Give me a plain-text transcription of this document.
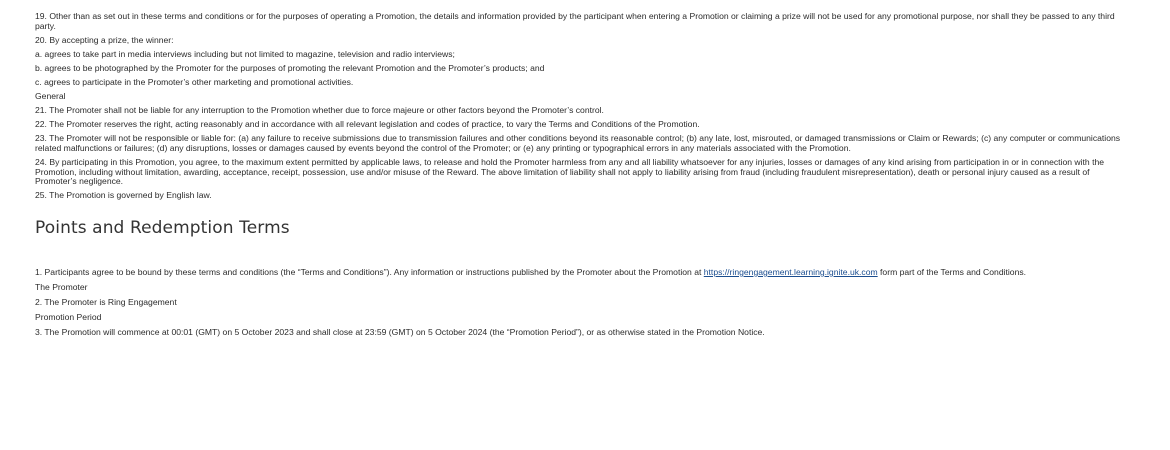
19. Other than as set out in these terms and conditions or for the purposes of operating a Promotion, the details and information provided by the participant when entering a Promotion or claiming a prize will not be used for any promotional purpose, nor shall they be passed to any third party.

20. By accepting a prize, the winner:

a. agrees to take part in media interviews including but not limited to magazine, television and radio interviews;

b. agrees to be photographed by the Promoter for the purposes of promoting the relevant Promotion and the Promoter’s products; and

c. agrees to participate in the Promoter’s other marketing and promotional activities.

General

21. The Promoter shall not be liable for any interruption to the Promotion whether due to force majeure or other factors beyond the Promoter’s control.

22. The Promoter reserves the right, acting reasonably and in accordance with all relevant legislation and codes of practice, to vary the Terms and Conditions of the Promotion.

23. The Promoter will not be responsible or liable for: (a) any failure to receive submissions due to transmission failures and other conditions beyond its reasonable control; (b) any late, lost, misrouted, or damaged transmissions or Claim or Rewards; (c) any computer or communications related malfunctions or failures; (d) any disruptions, losses or damages caused by events beyond the control of the Promoter; or (e) any printing or typographical errors in any materials associated with the Promotion.

24. By participating in this Promotion, you agree, to the maximum extent permitted by applicable laws, to release and hold the Promoter harmless from any and all liability whatsoever for any injuries, losses or damages of any kind arising from participation in or in connection with the Promotion, including without limitation, awarding, acceptance, receipt, possession, use and/or misuse of the Reward. The above limitation of liability shall not apply to liability arising from fraud (including fraudulent misrepresentation), death or personal injury caused as a result of Promoter’s negligence.

25. The Promotion is governed by English law.

Points and Redemption Terms

1. Participants agree to be bound by these terms and conditions (the “Terms and Conditions”). Any information or instructions published by the Promoter about the Promotion at https://ringengagement.learning.ignite.uk.com form part of the Terms and Conditions.

The Promoter

2. The Promoter is Ring Engagement

Promotion Period

3. The Promotion will commence at 00:01 (GMT) on 5 October 2023 and shall close at 23:59 (GMT) on 5 October 2024 (the “Promotion Period”), or as otherwise stated in the Promotion Notice.
